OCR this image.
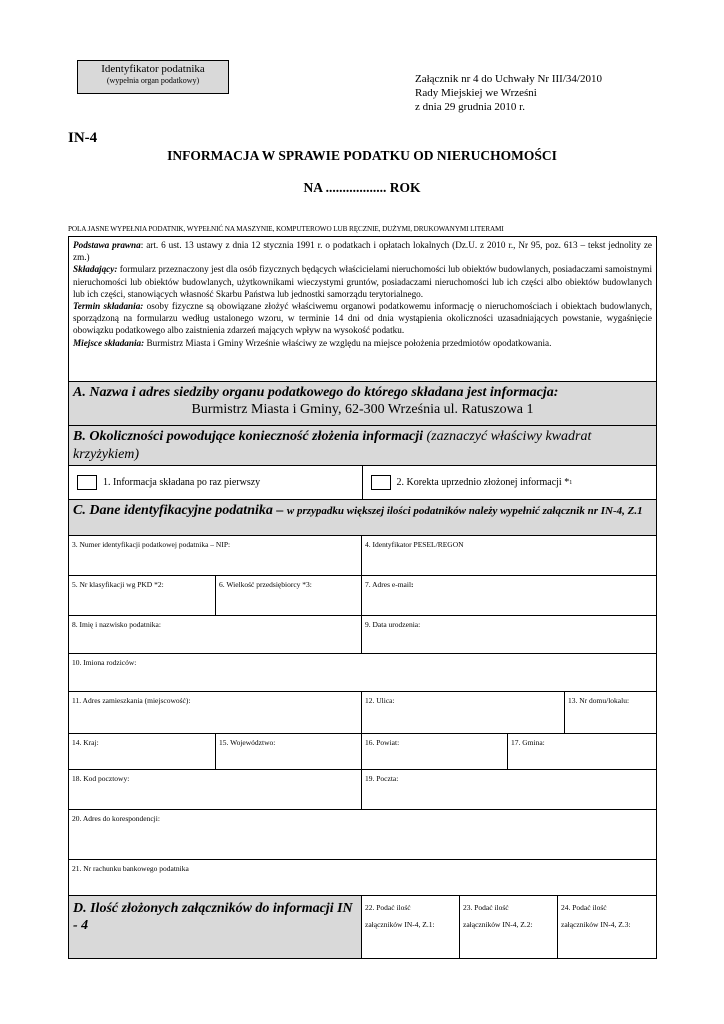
Identyfikator podatnika
(wypełnia organ podatkowy)	Załącznik nr 4 do Uchwały Nr III/34/2010
Rady Miejskiej we Wrześni
z dnia 29 grudnia 2010 r.
IN-4
INFORMACJA W SPRAWIE PODATKU OD NIERUCHOMOŚCI
NA .................. ROK
POLA JASNE WYPEŁNIA PODATNIK, WYPEŁNIĆ NA MASZYNIE, KOMPUTEROWO LUB RĘCZNIE, DUŻYMI, DRUKOWANYMI LITERAMI
Podstawa prawna: art. 6 ust. 13 ustawy z dnia 12 stycznia 1991 r. o podatkach i opłatach lokalnych (Dz.U. z 2010 r., Nr 95, poz. 613 – tekst jednolity ze zm.)
Składający: formularz przeznaczony jest dla osób fizycznych będących właścicielami nieruchomości lub obiektów budowlanych, posiadaczami samoistnymi nieruchomości lub obiektów budowlanych, użytkownikami wieczystymi gruntów, posiadaczami nieruchomości lub ich części albo obiektów budowlanych lub ich części, stanowiących własność Skarbu Państwa lub jednostki samorządu terytorialnego.
Termin składania: osoby fizyczne są obowiązane złożyć właściwemu organowi podatkowemu informację o nieruchomościach i obiektach budowlanych, sporządzoną na formularzu według ustalonego wzoru, w terminie 14 dni od dnia wystąpienia okoliczności uzasadniających powstanie, wygaśnięcie obowiązku podatkowego albo zaistnienia zdarzeń mających wpływ na wysokość podatku.
Miejsce składania: Burmistrz Miasta i Gminy Wrześnie właściwy ze względu na miejsce położenia przedmiotów opodatkowania.
A. Nazwa i adres siedziby organu podatkowego do którego składana jest informacja:
Burmistrz Miasta i Gminy, 62-300 Września ul. Ratuszowa 1
B. Okoliczności powodujące konieczność złożenia informacji (zaznaczyć właściwy kwadrat krzyżykiem)
1. Informacja składana po raz pierwszy	2. Korekta uprzednio złożonej informacji * 1
C. Dane identyfikacyjne podatnika – w przypadku większej ilości podatników należy wypełnić załącznik nr IN-4, Z.1
3. Numer identyfikacji podatkowej podatnika – NIP:	4. Identyfikator PESEL/REGON
5. Nr klasyfikacji wg PKD *2:	6. Wielkość przedsiębiorcy *3:	7. Adres e-mail:
8. Imię i nazwisko podatnika:	9. Data urodzenia:
10. Imiona rodziców:
11. Adres zamieszkania (miejscowość):	12. Ulica:	13. Nr domu/lokalu:
14. Kraj:	15. Województwo:	16. Powiat:	17. Gmina:
18. Kod pocztowy:	19. Poczta:
20. Adres do korespondencji:
21. Nr rachunku bankowego podatnika
D. Ilość złożonych załączników do informacji IN - 4
22. Podać ilość
załączników IN-4, Z.1:
23. Podać ilość
załączników IN-4, Z.2:
24. Podać ilość
załączników IN-4, Z.3:
